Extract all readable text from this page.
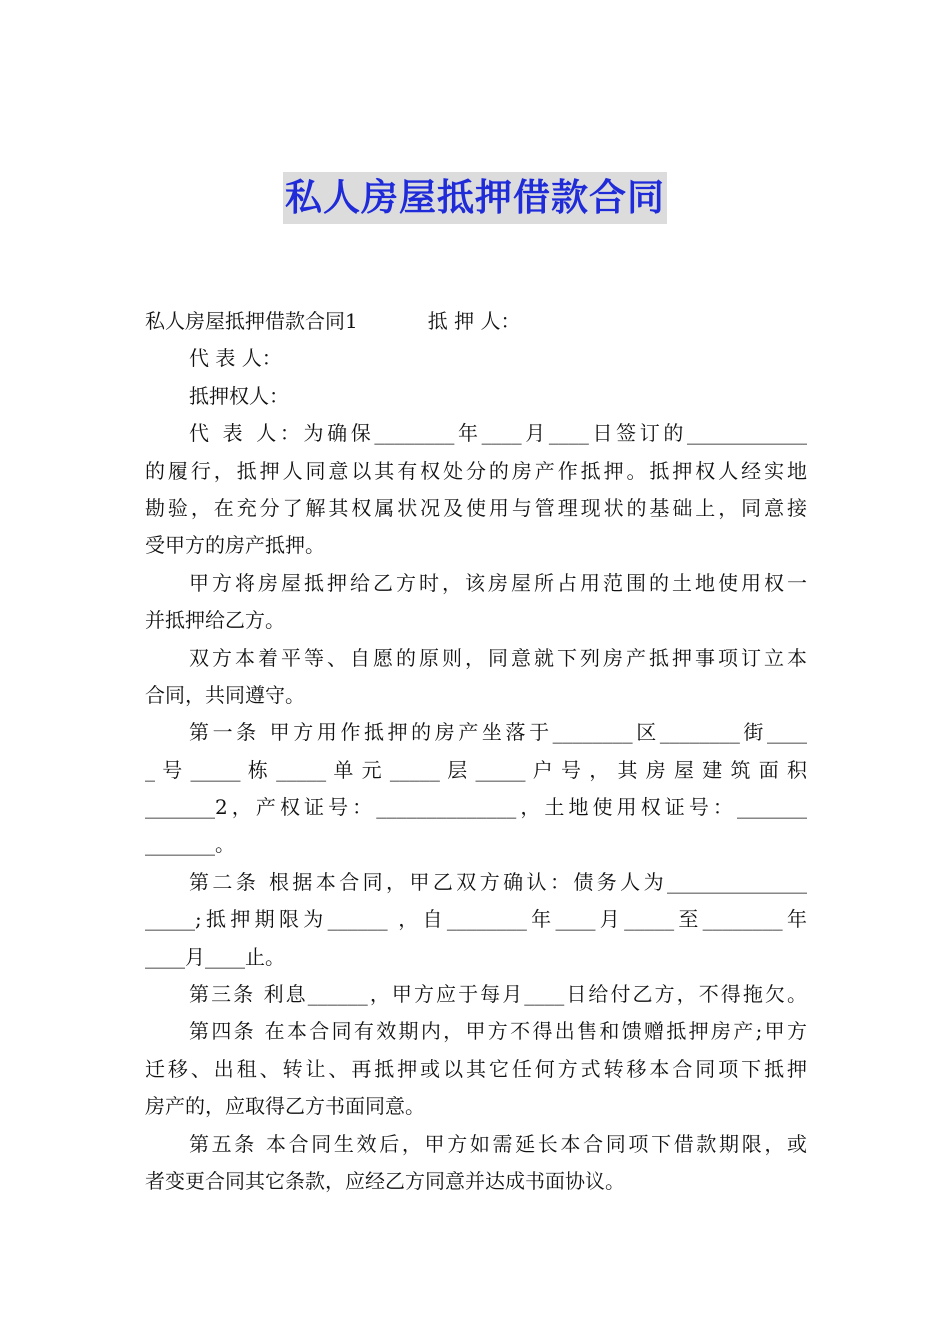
私人房屋抵押借款合同
私人房屋抵押借款合同1	抵 押 人：
代 表 人：
抵押权人：
代 表 人：为确保________年____月____日签订的____________
的履行，抵押人同意以其有权处分的房产作抵押。抵押权人经实地
勘验，在充分了解其权属状况及使用与管理现状的基础上，同意接
受甲方的房产抵押。
甲方将房屋抵押给乙方时，该房屋所占用范围的土地使用权一
并抵押给乙方。
双方本着平等、自愿的原则，同意就下列房产抵押事项订立本
合同，共同遵守。
第一条 甲方用作抵押的房产坐落于________区________街____
_ 号 _____ 栋 _____ 单 元 _____ 层 _____ 户 号 ， 其 房 屋 建 筑 面 积
_______2，产权证号：______________，土地使用权证号：_______
_______。
第二条 根据本合同，甲乙双方确认：债务人为______________
_____;抵押期限为______ ，自________年____月_____至________年
____月____止。
第三条 利息______，甲方应于每月____日给付乙方，不得拖欠。
第四条 在本合同有效期内，甲方不得出售和馈赠抵押房产;甲方
迁移、出租、转让、再抵押或以其它任何方式转移本合同项下抵押
房产的，应取得乙方书面同意。
第五条 本合同生效后，甲方如需延长本合同项下借款期限，或
者变更合同其它条款，应经乙方同意并达成书面协议。
